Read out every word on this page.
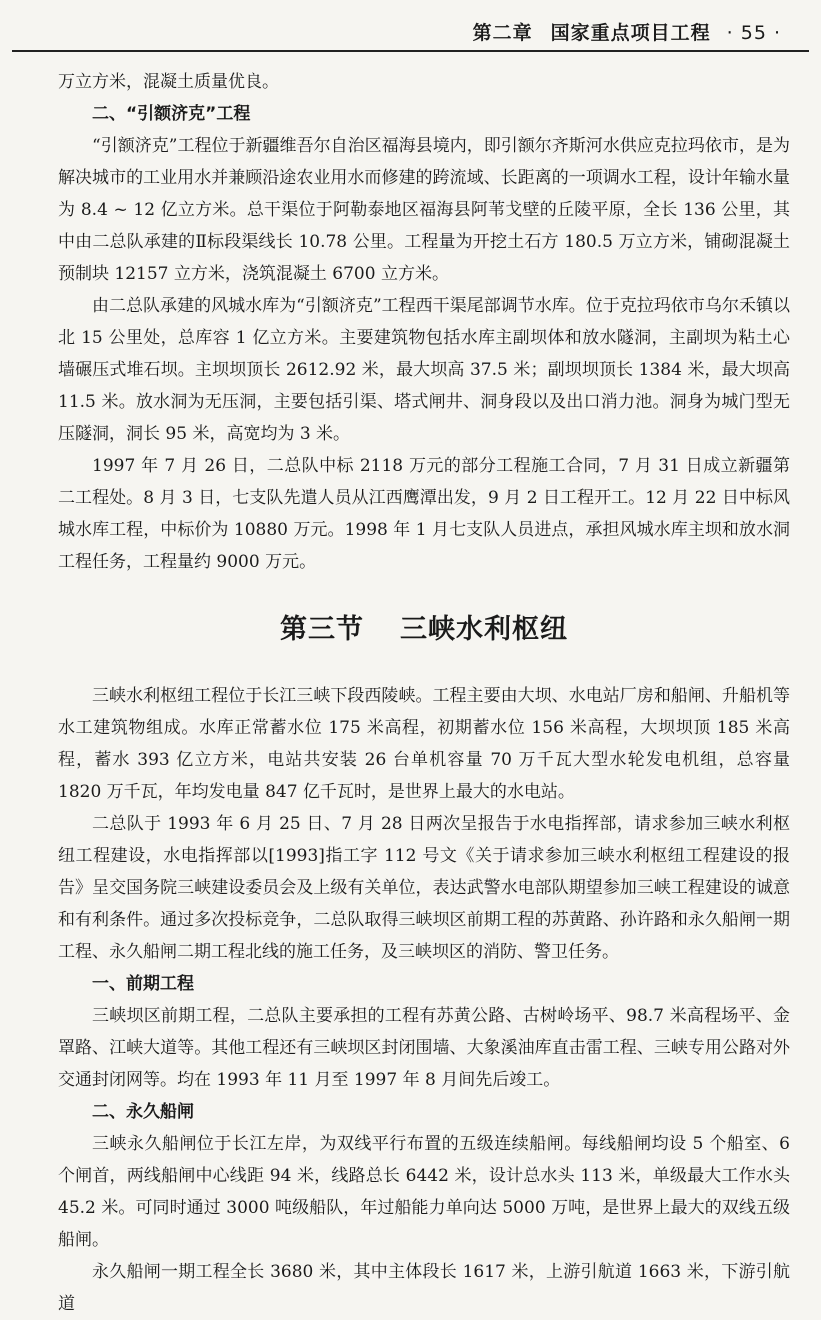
第二章 国家重点项目工程 · 55 ·

万立方米，混凝土质量优良。

二、“引额济克”工程

“引额济克”工程位于新疆维吾尔自治区福海县境内，即引额尔齐斯河水供应克拉玛依市，是为解决城市的工业用水并兼顾沿途农业用水而修建的跨流域、长距离的一项调水工程，设计年输水量为 8.4 ~ 12 亿立方米。总干渠位于阿勒泰地区福海县阿苇戈壁的丘陵平原，全长 136 公里，其中由二总队承建的Ⅱ标段渠线长 10.78 公里。工程量为开挖土石方 180.5 万立方米，铺砌混凝土预制块 12157 立方米，浇筑混凝土 6700 立方米。

由二总队承建的风城水库为“引额济克”工程西干渠尾部调节水库。位于克拉玛依市乌尔禾镇以北 15 公里处，总库容 1 亿立方米。主要建筑物包括水库主副坝体和放水隧洞，主副坝为粘土心墙碾压式堆石坝。主坝坝顶长 2612.92 米，最大坝高 37.5 米；副坝坝顶长 1384 米，最大坝高 11.5 米。放水洞为无压洞，主要包括引渠、塔式闸井、洞身段以及出口消力池。洞身为城门型无压隧洞，洞长 95 米，高宽均为 3 米。

1997 年 7 月 26 日，二总队中标 2118 万元的部分工程施工合同，7 月 31 日成立新疆第二工程处。8 月 3 日，七支队先遣人员从江西鹰潭出发，9 月 2 日工程开工。12 月 22 日中标风城水库工程，中标价为 10880 万元。1998 年 1 月七支队人员进点，承担风城水库主坝和放水洞工程任务，工程量约 9000 万元。

第三节 三峡水利枢纽

三峡水利枢纽工程位于长江三峡下段西陵峡。工程主要由大坝、水电站厂房和船闸、升船机等水工建筑物组成。水库正常蓄水位 175 米高程，初期蓄水位 156 米高程，大坝坝顶 185 米高程，蓄水 393 亿立方米，电站共安装 26 台单机容量 70 万千瓦大型水轮发电机组，总容量 1820 万千瓦，年均发电量 847 亿千瓦时，是世界上最大的水电站。

二总队于 1993 年 6 月 25 日、7 月 28 日两次呈报告于水电指挥部，请求参加三峡水利枢纽工程建设，水电指挥部以[1993]指工字 112 号文《关于请求参加三峡水利枢纽工程建设的报告》呈交国务院三峡建设委员会及上级有关单位，表达武警水电部队期望参加三峡工程建设的诚意和有利条件。通过多次投标竞争，二总队取得三峡坝区前期工程的苏黄路、孙许路和永久船闸一期工程、永久船闸二期工程北线的施工任务，及三峡坝区的消防、警卫任务。

一、前期工程

三峡坝区前期工程，二总队主要承担的工程有苏黄公路、古树岭场平、98.7 米高程场平、金罩路、江峡大道等。其他工程还有三峡坝区封闭围墙、大象溪油库直击雷工程、三峡专用公路对外交通封闭网等。均在 1993 年 11 月至 1997 年 8 月间先后竣工。

二、永久船闸

三峡永久船闸位于长江左岸，为双线平行布置的五级连续船闸。每线船闸均设 5 个船室、6 个闸首，两线船闸中心线距 94 米，线路总长 6442 米，设计总水头 113 米，单级最大工作水头 45.2 米。可同时通过 3000 吨级船队，年过船能力单向达 5000 万吨，是世界上最大的双线五级船闸。

永久船闸一期工程全长 3680 米，其中主体段长 1617 米，上游引航道 1663 米，下游引航道
